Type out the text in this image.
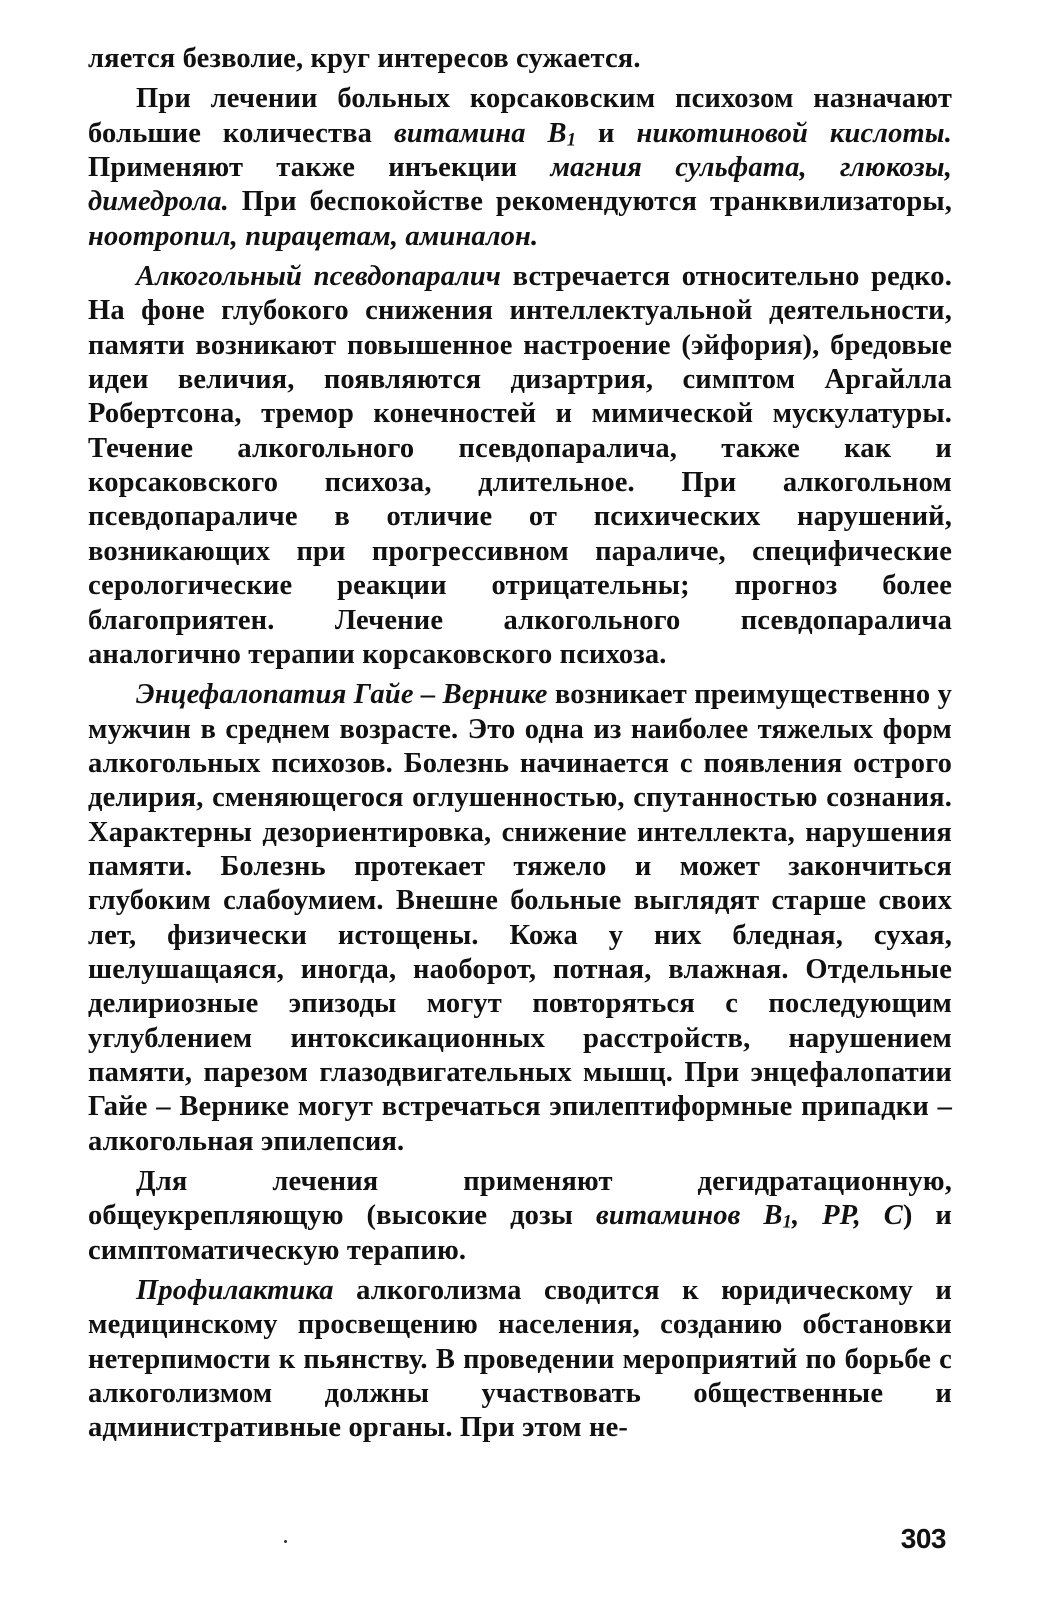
ляется безволие, круг интересов сужается.

При лечении больных корсаковским психозом назначают большие количества витамина $B_1$ и никотиновой кислоты. Применяют также инъекции магния сульфата, глюкозы, димедрола. При беспокойстве рекомендуются транквилизаторы, ноотропил, пирацетам, аминалон.

Алкогольный псевдопаралич встречается относительно редко. На фоне глубокого снижения интеллектуальной деятельности, памяти возникают повышенное настроение (эйфория), бредовые идеи величия, появляются дизартрия, симптом Аргайлла Робертсона, тремор конечностей и мимической мускулатуры. Течение алкогольного псевдопаралича, также как и корсаковского психоза, длительное. При алкогольном псевдопараличе в отличие от психических нарушений, возникающих при прогрессивном параличе, специфические серологические реакции отрицательны; прогноз более благоприятен. Лечение алкогольного псевдопаралича аналогично терапии корсаковского психоза.

Энцефалопатия Гайе – Вернике возникает преимущественно у мужчин в среднем возрасте. Это одна из наиболее тяжелых форм алкогольных психозов. Болезнь начинается с появления острого делирия, сменяющегося оглушенностью, спутанностью сознания. Характерны дезориентировка, снижение интеллекта, нарушения памяти. Болезнь протекает тяжело и может закончиться глубоким слабоумием. Внешне больные выглядят старше своих лет, физически истощены. Кожа у них бледная, сухая, шелушащаяся, иногда, наоборот, потная, влажная. Отдельные делириозные эпизоды могут повторяться с последующим углублением интоксикационных расстройств, нарушением памяти, парезом глазодвигательных мышц. При энцефалопатии Гайе – Вернике могут встречаться эпилептиформные припадки – алкогольная эпилепсия.

Для лечения применяют дегидратационную, общеукрепляющую (высокие дозы витаминов $B_1$, PP, C) и симптоматическую терапию.

Профилактика алкоголизма сводится к юридическому и медицинскому просвещению населения, созданию обстановки нетерпимости к пьянству. В проведении мероприятий по борьбе с алкоголизмом должны участвовать общественные и административные органы. При этом не-

303
